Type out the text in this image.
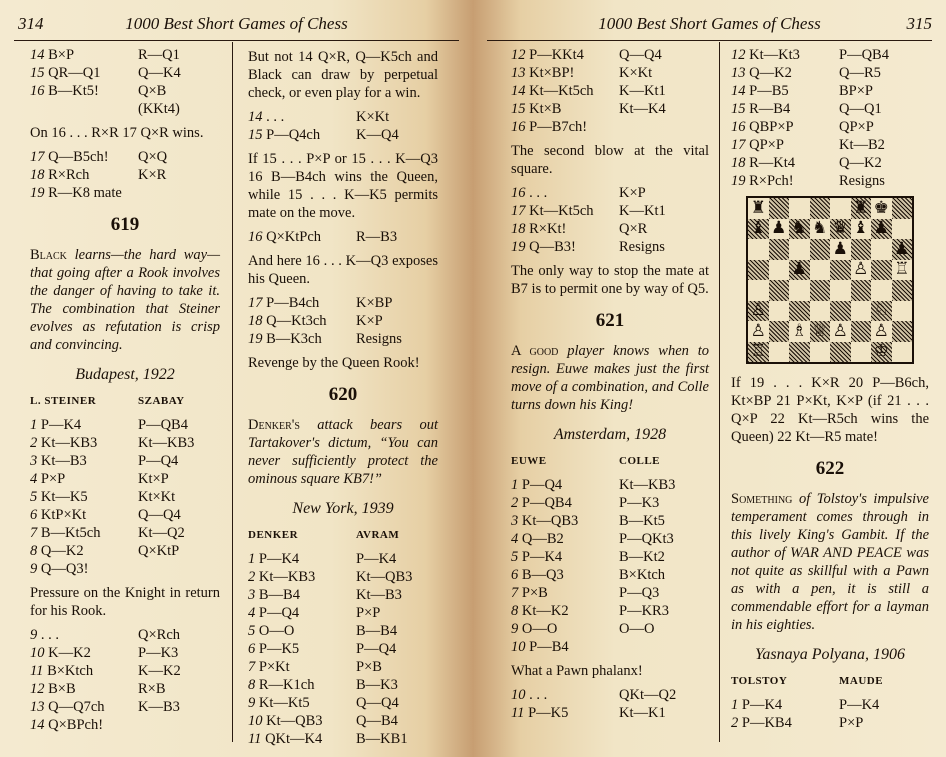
314	1000 Best Short Games of Chess
14 B×P	R—Q1
15 QR—Q1	Q—K4
16 B—Kt5!	Q×B
(KKt4)
On 16 . . . R×R 17 Q×R wins.
17 Q—B5ch!	Q×Q
18 R×Rch	K×R
19 R—K8 mate
619
Black learns—the hard way—that going after a Rook involves the danger of having to take it. The combination that Steiner evolves as refutation is crisp and convincing.
Budapest, 1922
L. STEINER	SZABAY
1 P—K4	P—QB4
2 Kt—KB3	Kt—KB3
3 Kt—B3	P—Q4
4 P×P	Kt×P
5 Kt—K5	Kt×Kt
6 KtP×Kt	Q—Q4
7 B—Kt5ch	Kt—Q2
8 Q—K2	Q×KtP
9 Q—Q3!
Pressure on the Knight in return for his Rook.
9 . . .	Q×Rch
10 K—K2	P—K3
11 B×Ktch	K—K2
12 B×B	R×B
13 Q—Q7ch	K—B3
14 Q×BPch!
But not 14 Q×R, Q—K5ch and Black can draw by perpetual check, or even play for a win.
14 . . .	K×Kt
15 P—Q4ch	K—Q4
If 15 . . . P×P or 15 . . . K—Q3 16 B—B4ch wins the Queen, while 15 . . . K—K5 permits mate on the move.
16 Q×KtPch	R—B3
And here 16 . . . K—Q3 exposes his Queen.
17 P—B4ch	K×BP
18 Q—Kt3ch	K×P
19 B—K3ch	Resigns
Revenge by the Queen Rook!
620
Denker's attack bears out Tartakover's dictum, “You can never sufficiently protect the ominous square KB7!”
New York, 1939
DENKER	AVRAM
1 P—K4	P—K4
2 Kt—KB3	Kt—QB3
3 B—B4	Kt—B3
4 P—Q4	P×P
5 O—O	B—B4
6 P—K5	P—Q4
7 P×Kt	P×B
8 R—K1ch	B—K3
9 Kt—Kt5	Q—Q4
10 Kt—QB3	Q—B4
11 QKt—K4	B—KB1
1000 Best Short Games of Chess	315
12 P—KKt4	Q—Q4
13 Kt×BP!	K×Kt
14 Kt—Kt5ch	K—Kt1
15 Kt×B	Kt—K4
16 P—B7ch!
The second blow at the vital square.
16 . . .	K×P
17 Kt—Kt5ch	K—Kt1
18 R×Kt!	Q×R
19 Q—B3!	Resigns
The only way to stop the mate at B7 is to permit one by way of Q5.
621
A good player knows when to resign. Euwe makes just the first move of a combination, and Colle turns down his King!
Amsterdam, 1928
EUWE	COLLE
1 P—Q4	Kt—KB3
2 P—QB4	P—K3
3 Kt—QB3	B—Kt5
4 Q—B2	P—QKt3
5 P—K4	B—Kt2
6 B—Q3	B×Ktch
7 P×B	P—Q3
8 Kt—K2	P—KR3
9 O—O	O—O
10 P—B4
What a Pawn phalanx!
10 . . .	QKt—Q2
11 P—K5	Kt—K1
12 Kt—Kt3	P—QB4
13 Q—K2	Q—R5
14 P—B5	BP×P
15 R—B4	Q—Q1
16 QBP×P	QP×P
17 QP×P	Kt—B2
18 R—Kt4	Q—K2
19 R×Pch!	Resigns
♜	♜ ♚
♝ ♟ ♞ ♞ ♛ ♝ ♟
♟	♟
♟	♙ ♖
♙	♘
♙ ♗ ♕ ♙ ♙
♖	♔
If 19 . . . K×R 20 P—B6ch, Kt×BP 21 P×Kt, K×P (if 21 . . . Q×P 22 Kt—R5ch wins the Queen) 22 Kt—R5 mate!
622
Something of Tolstoy's impulsive temperament comes through in this lively King's Gambit. If the author of WAR AND PEACE was not quite as skillful with a Pawn as with a pen, it is still a commendable effort for a layman in his eighties.
Yasnaya Polyana, 1906
TOLSTOY	MAUDE
1 P—K4	P—K4
2 P—KB4	P×P
